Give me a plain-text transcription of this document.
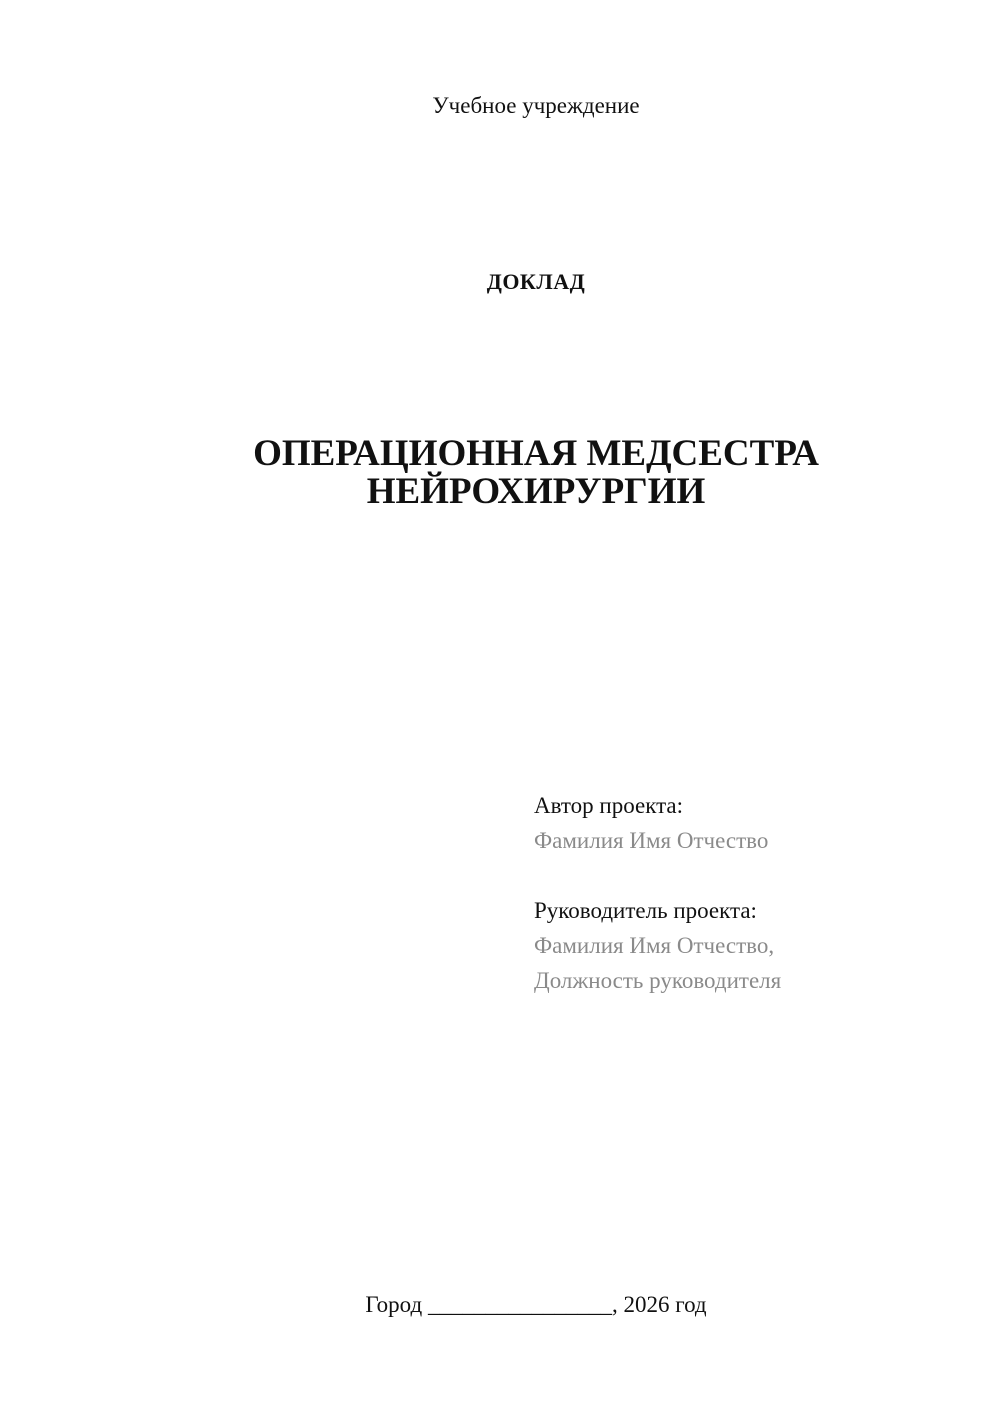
Учебное учреждение
ДОКЛАД
ОПЕРАЦИОННАЯ МЕДСЕСТРА
НЕЙРОХИРУРГИИ
Автор проекта:
Фамилия Имя Отчество
Руководитель проекта:
Фамилия Имя Отчество,
Должность руководителя
Город ________________, 2026 год
